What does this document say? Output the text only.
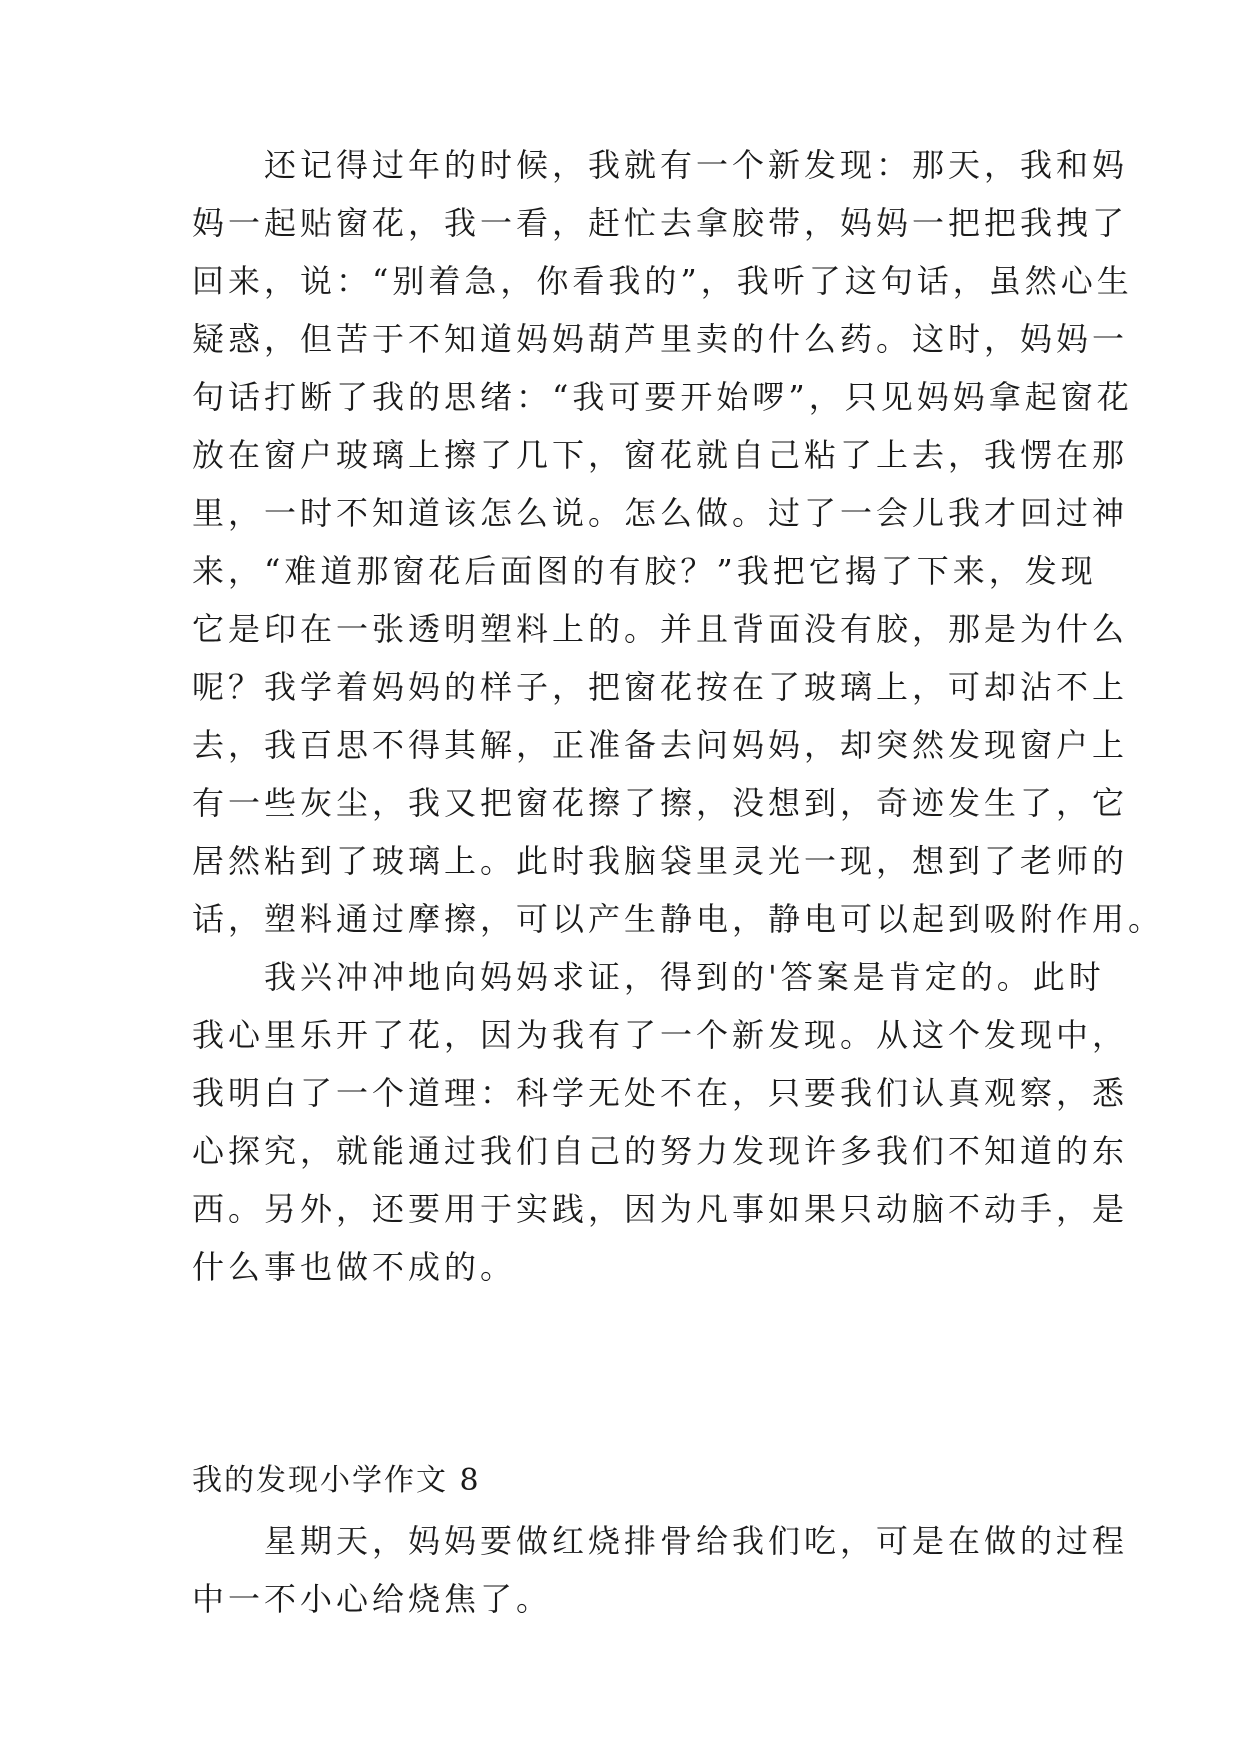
　　还记得过年的时候，我就有一个新发现：那天，我和妈
妈一起贴窗花，我一看，赶忙去拿胶带，妈妈一把把我拽了
回来，说：“别着急，你看我的”，我听了这句话，虽然心生
疑惑，但苦于不知道妈妈葫芦里卖的什么药。这时，妈妈一
句话打断了我的思绪：“我可要开始啰”，只见妈妈拿起窗花
放在窗户玻璃上擦了几下，窗花就自己粘了上去，我愣在那
里，一时不知道该怎么说。怎么做。过了一会儿我才回过神
来，“难道那窗花后面图的有胶？”我把它揭了下来，发现
它是印在一张透明塑料上的。并且背面没有胶，那是为什么
呢？我学着妈妈的样子，把窗花按在了玻璃上，可却沾不上
去，我百思不得其解，正准备去问妈妈，却突然发现窗户上
有一些灰尘，我又把窗花擦了擦，没想到，奇迹发生了，它
居然粘到了玻璃上。此时我脑袋里灵光一现，想到了老师的
话，塑料通过摩擦，可以产生静电，静电可以起到吸附作用。
　　我兴冲冲地向妈妈求证，得到的'答案是肯定的。此时
我心里乐开了花，因为我有了一个新发现。从这个发现中，
我明白了一个道理：科学无处不在，只要我们认真观察，悉
心探究，就能通过我们自己的努力发现许多我们不知道的东
西。另外，还要用于实践，因为凡事如果只动脑不动手，是
什么事也做不成的。
我的发现小学作文 8
　　星期天，妈妈要做红烧排骨给我们吃，可是在做的过程
中一不小心给烧焦了。
